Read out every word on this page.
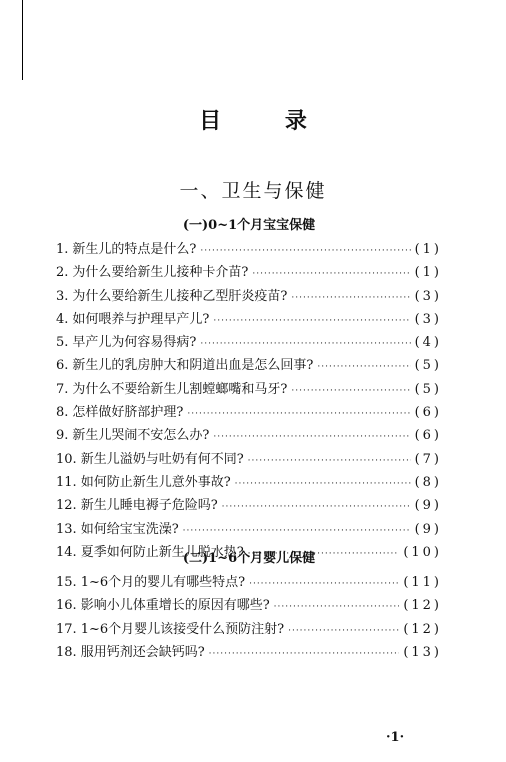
目 录
一、卫生与保健
(一)0~1个月宝宝保健
1. 新生儿的特点是什么? ·····	(1)
2. 为什么要给新生儿接种卡介苗? ·····	(1)
3. 为什么要给新生儿接种乙型肝炎疫苗? ·····	(3)
4. 如何喂养与护理早产儿? ·····	(3)
5. 早产儿为何容易得病? ·····	(4)
6. 新生儿的乳房肿大和阴道出血是怎么回事? ·····	(5)
7. 为什么不要给新生儿割螳螂嘴和马牙? ·····	(5)
8. 怎样做好脐部护理? ·····	(6)
9. 新生儿哭闹不安怎么办? ·····	(6)
10. 新生儿溢奶与吐奶有何不同? ·····	(7)
11. 如何防止新生儿意外事故? ·····	(8)
12. 新生儿睡电褥子危险吗? ·····	(9)
13. 如何给宝宝洗澡? ·····	(9)
14. 夏季如何防止新生儿脱水热? ·····	(10)
(二)1~6个月婴儿保健
15. 1~6个月的婴儿有哪些特点? ·····	(11)
16. 影响小儿体重增长的原因有哪些? ·····	(12)
17. 1~6个月婴儿该接受什么预防注射? ·····	(12)
18. 服用钙剂还会缺钙吗? ·····	(13)
·1·
